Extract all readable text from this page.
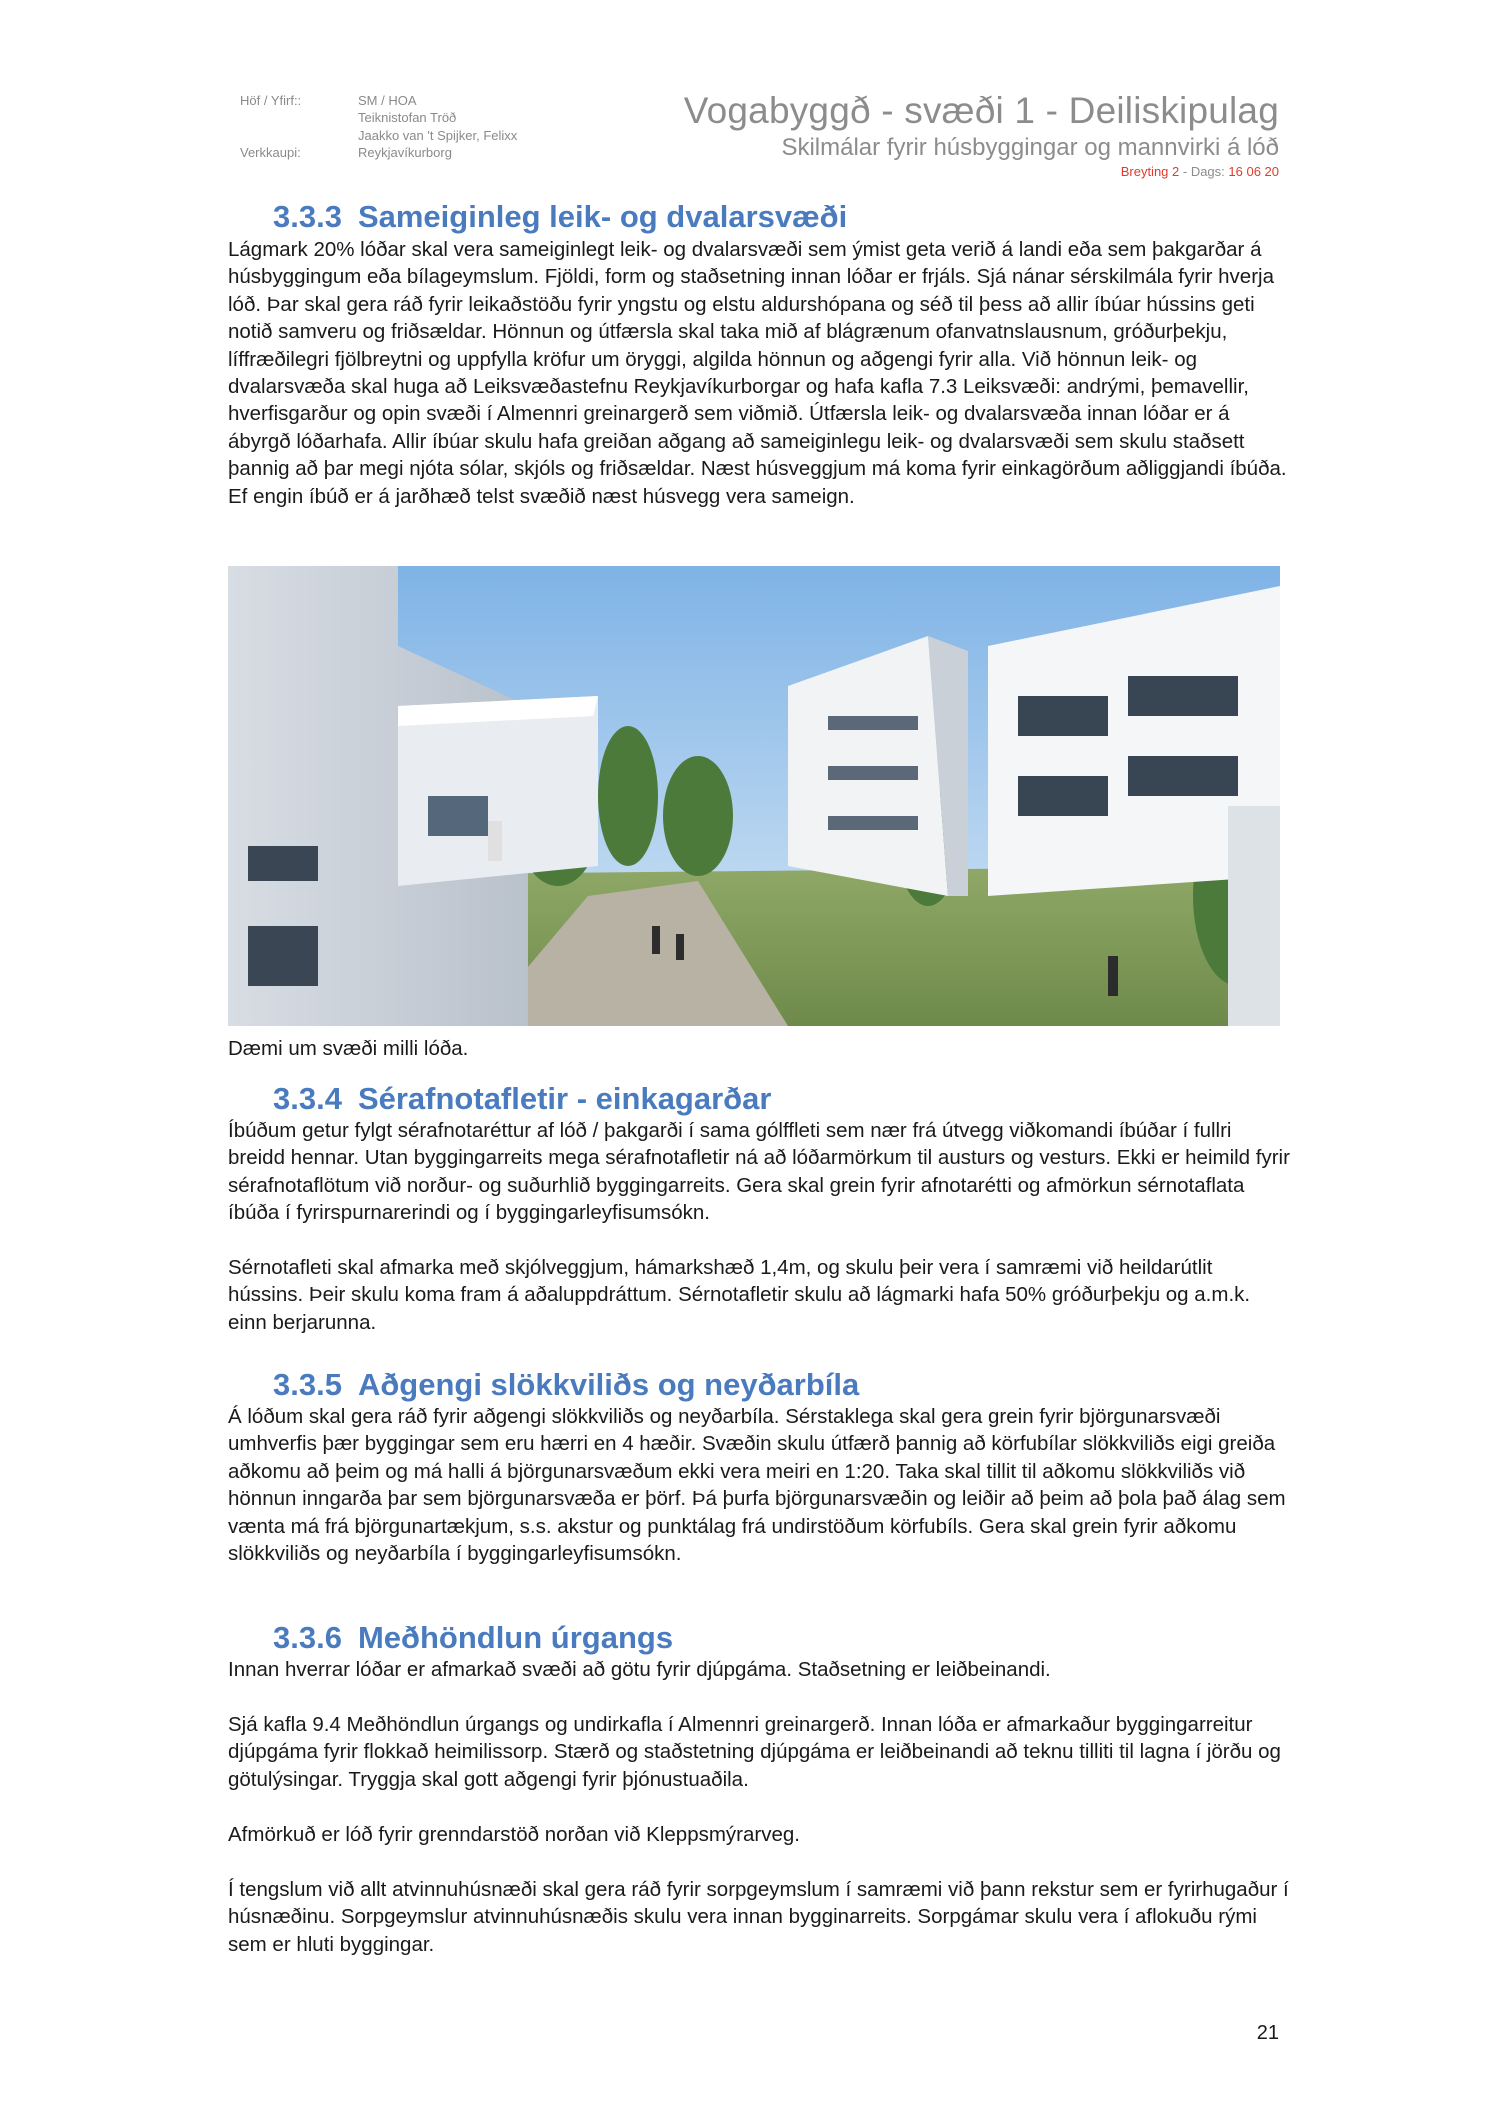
Höf / Yfirf::
Verkkaupi:
SM / HOA
Teiknistofan Tröð
Jaakko van 't Spijker, Felixx
Reykjavíkurborg
Vogabyggð - svæði 1 - Deiliskipulag
Skilmálar fyrir húsbyggingar og mannvirki á lóð
Breyting 2 - Dags: 16 06 20
3.3.3 Sameiginleg leik- og dvalarsvæði
Lágmark 20% lóðar skal vera sameiginlegt leik- og dvalarsvæði sem ýmist geta verið á landi eða sem þakgarðar á húsbyggingum eða bílageymslum. Fjöldi, form og staðsetning innan lóðar er frjáls. Sjá nánar sérskilmála fyrir hverja lóð. Þar skal gera ráð fyrir leikaðstöðu fyrir yngstu og elstu aldurshópana og séð til þess að allir íbúar hússins geti notið samveru og friðsældar. Hönnun og útfærsla skal taka mið af blágrænum ofanvatnslausnum, gróðurþekju, líffræðilegri fjölbreytni og uppfylla kröfur um öryggi, algilda hönnun og aðgengi fyrir alla. Við hönnun leik- og dvalarsvæða skal huga að Leiksvæðastefnu Reykjavíkurborgar og hafa kafla 7.3 Leiksvæði: andrými, þemavellir, hverfisgarður og opin svæði í Almennri greinargerð sem viðmið. Útfærsla leik- og dvalarsvæða innan lóðar er á ábyrgð lóðarhafa. Allir íbúar skulu hafa greiðan aðgang að sameiginlegu leik- og dvalarsvæði sem skulu staðsett þannig að þar megi njóta sólar, skjóls og friðsældar. Næst húsveggjum má koma fyrir einkagörðum aðliggjandi íbúða. Ef engin íbúð er á jarðhæð telst svæðið næst húsvegg vera sameign.
Dæmi um svæði milli lóða.
3.3.4 Sérafnotafletir - einkagarðar
Íbúðum getur fylgt sérafnotaréttur af lóð / þakgarði í sama gólffleti sem nær frá útvegg viðkomandi íbúðar í fullri breidd hennar. Utan byggingarreits mega sérafnotafletir ná að lóðarmörkum til austurs og vesturs. Ekki er heimild fyrir sérafnotaflötum við norður- og suðurhlið byggingarreits. Gera skal grein fyrir afnotarétti og afmörkun sérnotaflata íbúða í fyrirspurnarerindi og í byggingarleyfisumsókn.
Sérnotafleti skal afmarka með skjólveggjum, hámarkshæð 1,4m, og skulu þeir vera í samræmi við heildarútlit hússins. Þeir skulu koma fram á aðaluppdráttum. Sérnotafletir skulu að lágmarki hafa 50% gróðurþekju og a.m.k. einn berjarunna.
3.3.5 Aðgengi slökkviliðs og neyðarbíla
Á lóðum skal gera ráð fyrir aðgengi slökkviliðs og neyðarbíla. Sérstaklega skal gera grein fyrir björgunarsvæði umhverfis þær byggingar sem eru hærri en 4 hæðir. Svæðin skulu útfærð þannig að körfubílar slökkviliðs eigi greiða aðkomu að þeim og má halli á björgunarsvæðum ekki vera meiri en 1:20. Taka skal tillit til aðkomu slökkviliðs við hönnun inngarða þar sem björgunarsvæða er þörf. Þá þurfa björgunarsvæðin og leiðir að þeim að þola það álag sem vænta má frá björgunartækjum, s.s. akstur og punktálag frá undirstöðum körfubíls. Gera skal grein fyrir aðkomu slökkviliðs og neyðarbíla í byggingarleyfisumsókn.
3.3.6 Meðhöndlun úrgangs
Innan hverrar lóðar er afmarkað svæði að götu fyrir djúpgáma. Staðsetning er leiðbeinandi.
Sjá kafla 9.4 Meðhöndlun úrgangs og undirkafla í Almennri greinargerð. Innan lóða er afmarkaður byggingarreitur djúpgáma fyrir flokkað heimilissorp. Stærð og staðstetning djúpgáma er leiðbeinandi að teknu tilliti til lagna í jörðu og götulýsingar. Tryggja skal gott aðgengi fyrir þjónustuaðila.
Afmörkuð er lóð fyrir grenndarstöð norðan við Kleppsmýrarveg.
Í tengslum við allt atvinnuhúsnæði skal gera ráð fyrir sorpgeymslum í samræmi við þann rekstur sem er fyrirhugaður í húsnæðinu. Sorpgeymslur atvinnuhúsnæðis skulu vera innan bygginarreits. Sorpgámar skulu vera í aflokuðu rými sem er hluti byggingar.
21
